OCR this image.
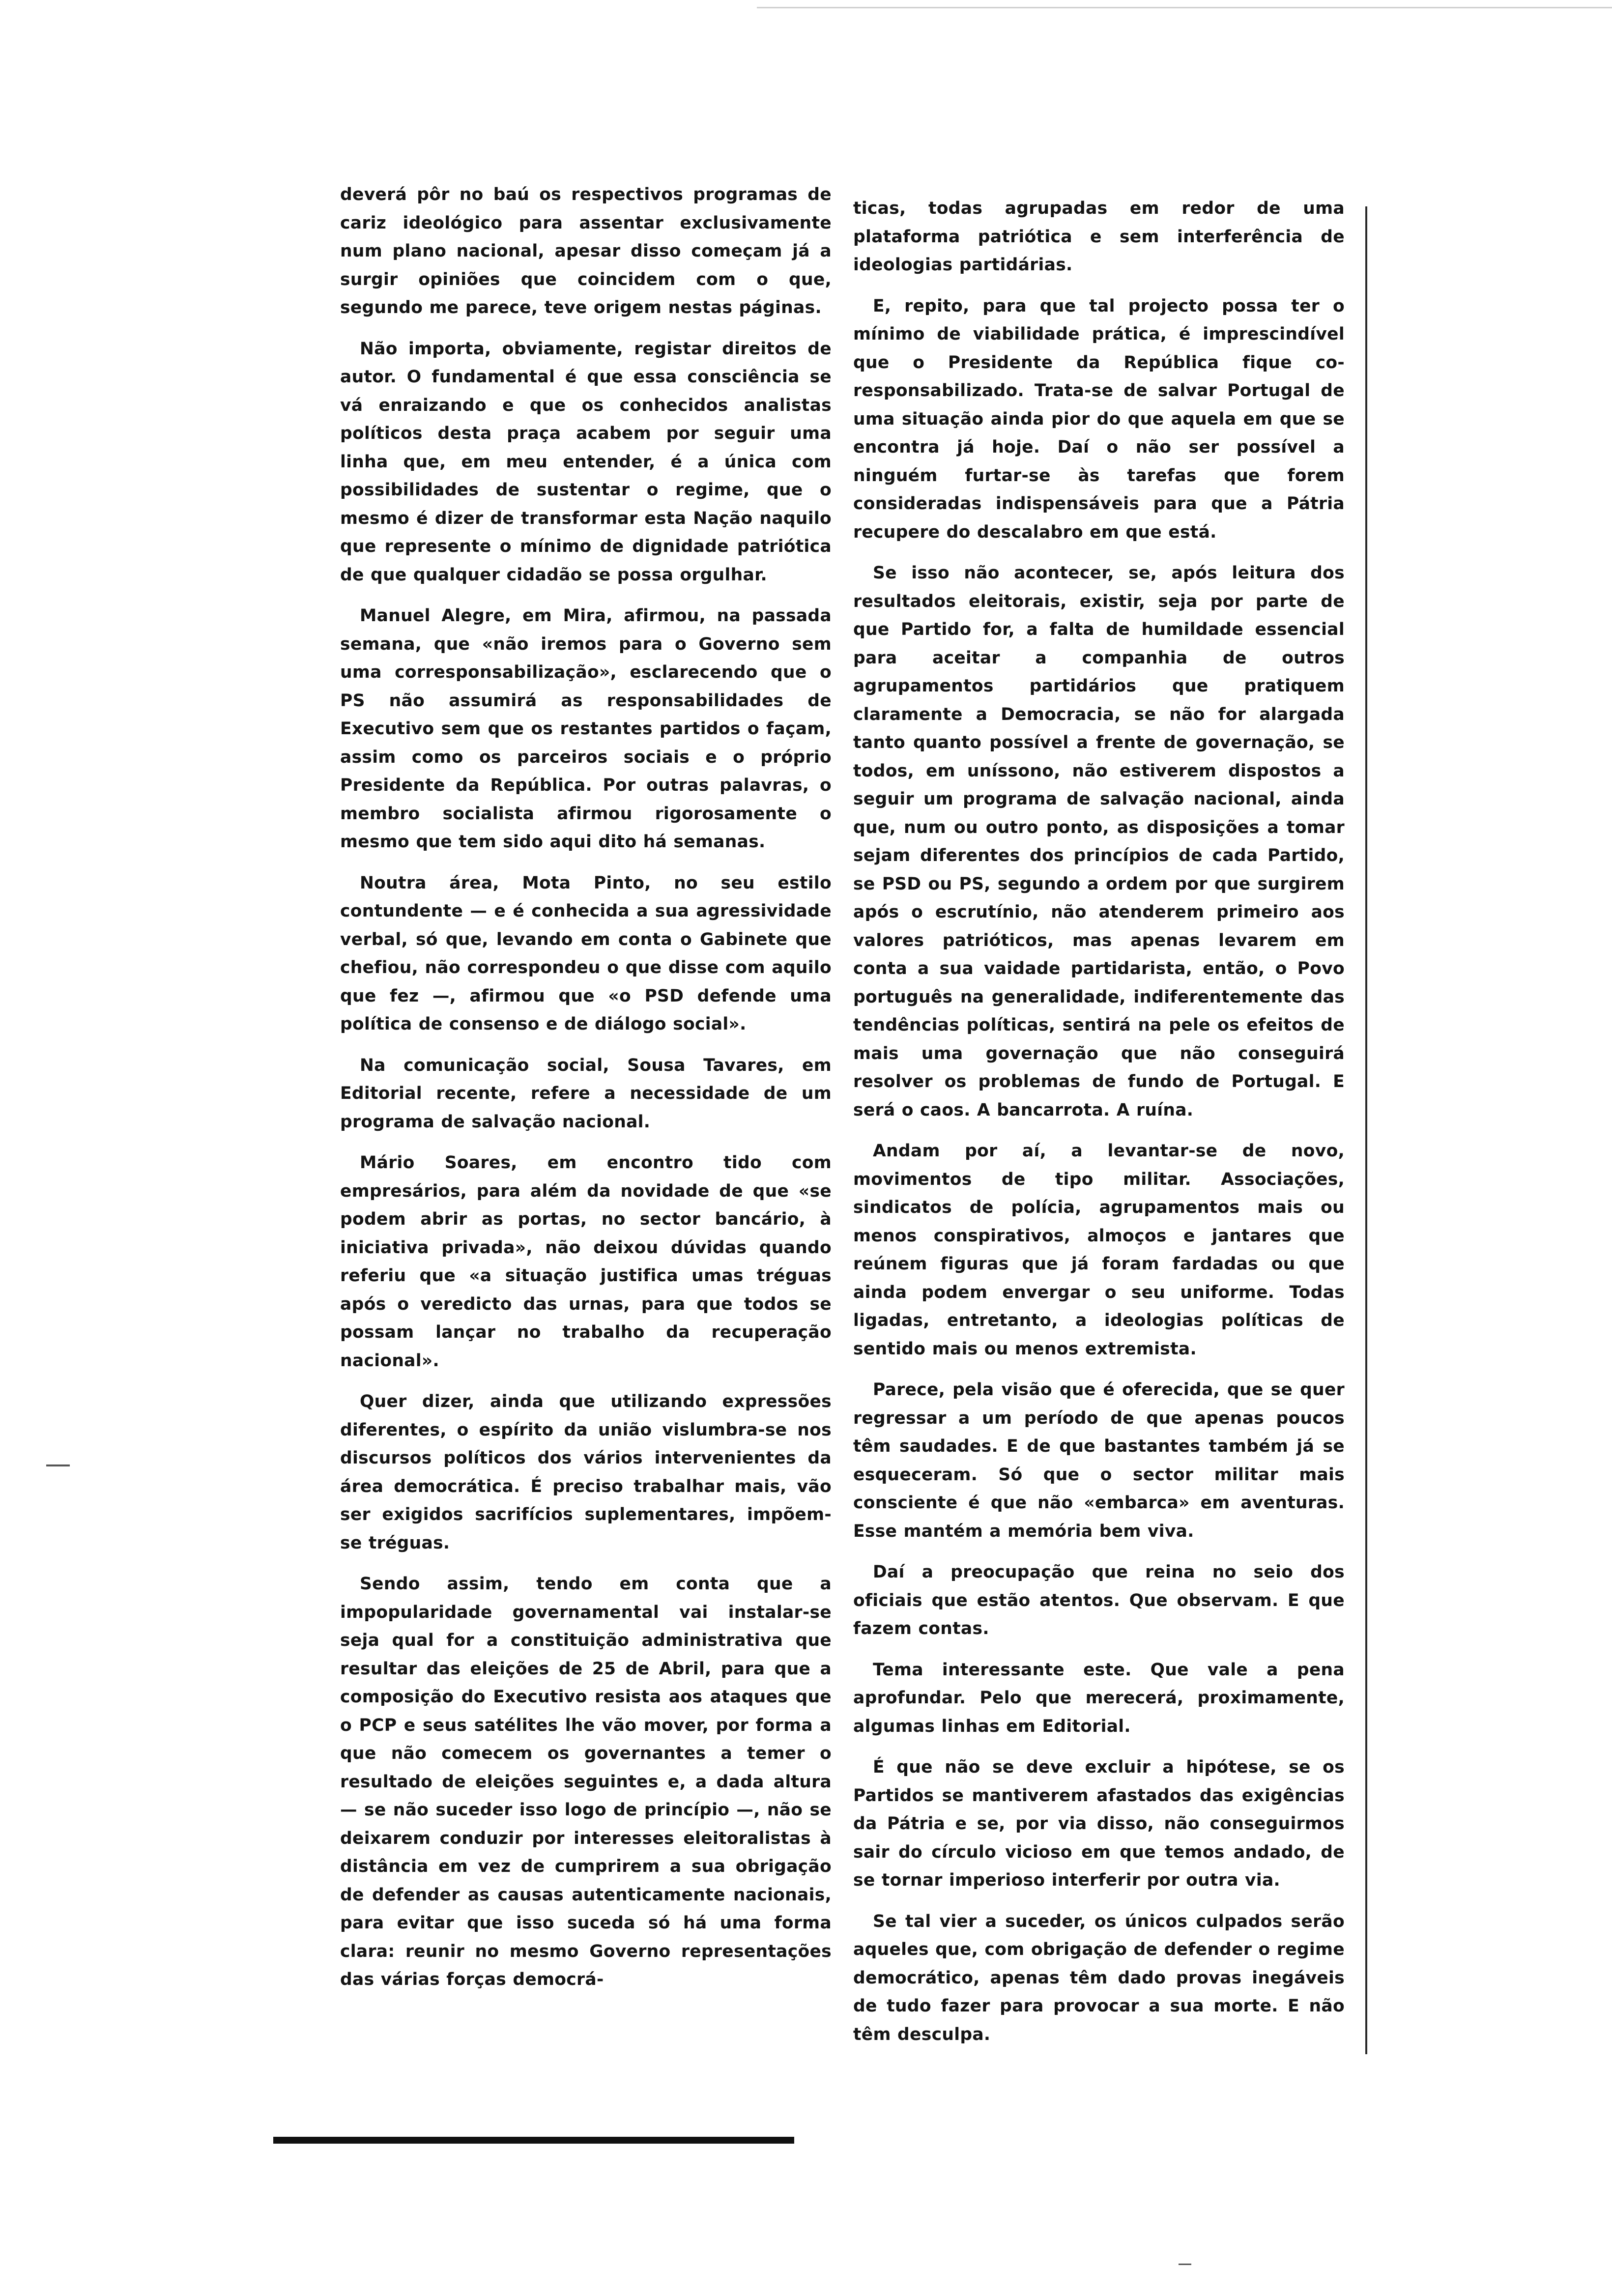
deverá pôr no baú os respectivos programas de cariz ideológico para assentar exclusivamente num plano nacional, apesar disso começam já a surgir opiniões que coincidem com o que, segundo me parece, teve origem nestas páginas.

Não importa, obviamente, registar direitos de autor. O fundamental é que essa consciência se vá enraizando e que os conhecidos analistas políticos desta praça acabem por seguir uma linha que, em meu entender, é a única com possibilidades de sustentar o regime, que o mesmo é dizer de transformar esta Nação naquilo que represente o mínimo de dignidade patriótica de que qualquer cidadão se possa orgulhar.

Manuel Alegre, em Mira, afirmou, na passada semana, que «não iremos para o Governo sem uma corresponsabilização», esclarecendo que o PS não assumirá as responsabilidades de Executivo sem que os restantes partidos o façam, assim como os parceiros sociais e o próprio Presidente da República. Por outras palavras, o membro socialista afirmou rigorosamente o mesmo que tem sido aqui dito há semanas.

Noutra área, Mota Pinto, no seu estilo contundente — e é conhecida a sua agressividade verbal, só que, levando em conta o Gabinete que chefiou, não correspondeu o que disse com aquilo que fez —, afirmou que «o PSD defende uma política de consenso e de diálogo social».

Na comunicação social, Sousa Tavares, em Editorial recente, refere a necessidade de um programa de salvação nacional.

Mário Soares, em encontro tido com empresários, para além da novidade de que «se podem abrir as portas, no sector bancário, à iniciativa privada», não deixou dúvidas quando referiu que «a situação justifica umas tréguas após o veredicto das urnas, para que todos se possam lançar no trabalho da recuperação nacional».

Quer dizer, ainda que utilizando expressões diferentes, o espírito da união vislumbra-se nos discursos políticos dos vários intervenientes da área democrática. É preciso trabalhar mais, vão ser exigidos sacrifícios suplementares, impõem-se tréguas.

Sendo assim, tendo em conta que a impopularidade governamental vai instalar-se seja qual for a constituição administrativa que resultar das eleições de 25 de Abril, para que a composição do Executivo resista aos ataques que o PCP e seus satélites lhe vão mover, por forma a que não comecem os governantes a temer o resultado de eleições seguintes e, a dada altura — se não suceder isso logo de princípio —, não se deixarem conduzir por interesses eleitoralistas à distância em vez de cumprirem a sua obrigação de defender as causas autenticamente nacionais, para evitar que isso suceda só há uma forma clara: reunir no mesmo Governo representações das várias forças democrá-

ticas, todas agrupadas em redor de uma plataforma patriótica e sem interferência de ideologias partidárias.

E, repito, para que tal projecto possa ter o mínimo de viabilidade prática, é imprescindível que o Presidente da República fique co-responsabilizado. Trata-se de salvar Portugal de uma situação ainda pior do que aquela em que se encontra já hoje. Daí o não ser possível a ninguém furtar-se às tarefas que forem consideradas indispensáveis para que a Pátria recupere do descalabro em que está.

Se isso não acontecer, se, após leitura dos resultados eleitorais, existir, seja por parte de que Partido for, a falta de humildade essencial para aceitar a companhia de outros agrupamentos partidários que pratiquem claramente a Democracia, se não for alargada tanto quanto possível a frente de governação, se todos, em uníssono, não estiverem dispostos a seguir um programa de salvação nacional, ainda que, num ou outro ponto, as disposições a tomar sejam diferentes dos princípios de cada Partido, se PSD ou PS, segundo a ordem por que surgirem após o escrutínio, não atenderem primeiro aos valores patrióticos, mas apenas levarem em conta a sua vaidade partidarista, então, o Povo português na generalidade, indiferentemente das tendências políticas, sentirá na pele os efeitos de mais uma governação que não conseguirá resolver os problemas de fundo de Portugal. E será o caos. A bancarrota. A ruína.

Andam por aí, a levantar-se de novo, movimentos de tipo militar. Associações, sindicatos de polícia, agrupamentos mais ou menos conspirativos, almoços e jantares que reúnem figuras que já foram fardadas ou que ainda podem envergar o seu uniforme. Todas ligadas, entretanto, a ideologias políticas de sentido mais ou menos extremista.

Parece, pela visão que é oferecida, que se quer regressar a um período de que apenas poucos têm saudades. E de que bastantes também já se esqueceram. Só que o sector militar mais consciente é que não «embarca» em aventuras. Esse mantém a memória bem viva.

Daí a preocupação que reina no seio dos oficiais que estão atentos. Que observam. E que fazem contas.

Tema interessante este. Que vale a pena aprofundar. Pelo que merecerá, proximamente, algumas linhas em Editorial.

É que não se deve excluir a hipótese, se os Partidos se mantiverem afastados das exigências da Pátria e se, por via disso, não conseguirmos sair do círculo vicioso em que temos andado, de se tornar imperioso interferir por outra via.

Se tal vier a suceder, os únicos culpados serão aqueles que, com obrigação de defender o regime democrático, apenas têm dado provas inegáveis de tudo fazer para provocar a sua morte. E não têm desculpa.
